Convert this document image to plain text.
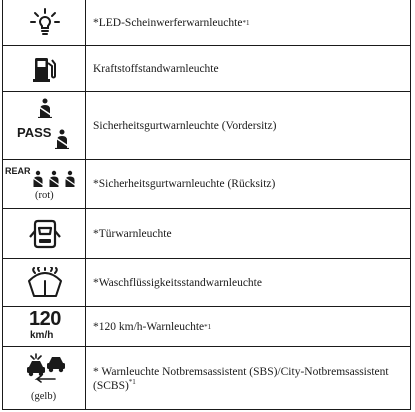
*LED-Scheinwerferwarnleuchte *1
Kraftstoffstandwarnleuchte
PASS	Sicherheitsgurtwarnleuchte (Vordersitz)
REAR
(rot)
*Sicherheitsgurtwarnleuchte (Rücksitz)
*Türwarnleuchte
*Waschflüssigkeitsstandwarnleuchte
120
km/h
*120 km/h-Warnleuchte *1
(gelb)
* Warnleuchte Notbremsassistent (SBS)/City-Notbremsassistent (SCBS)$^{*1}$
